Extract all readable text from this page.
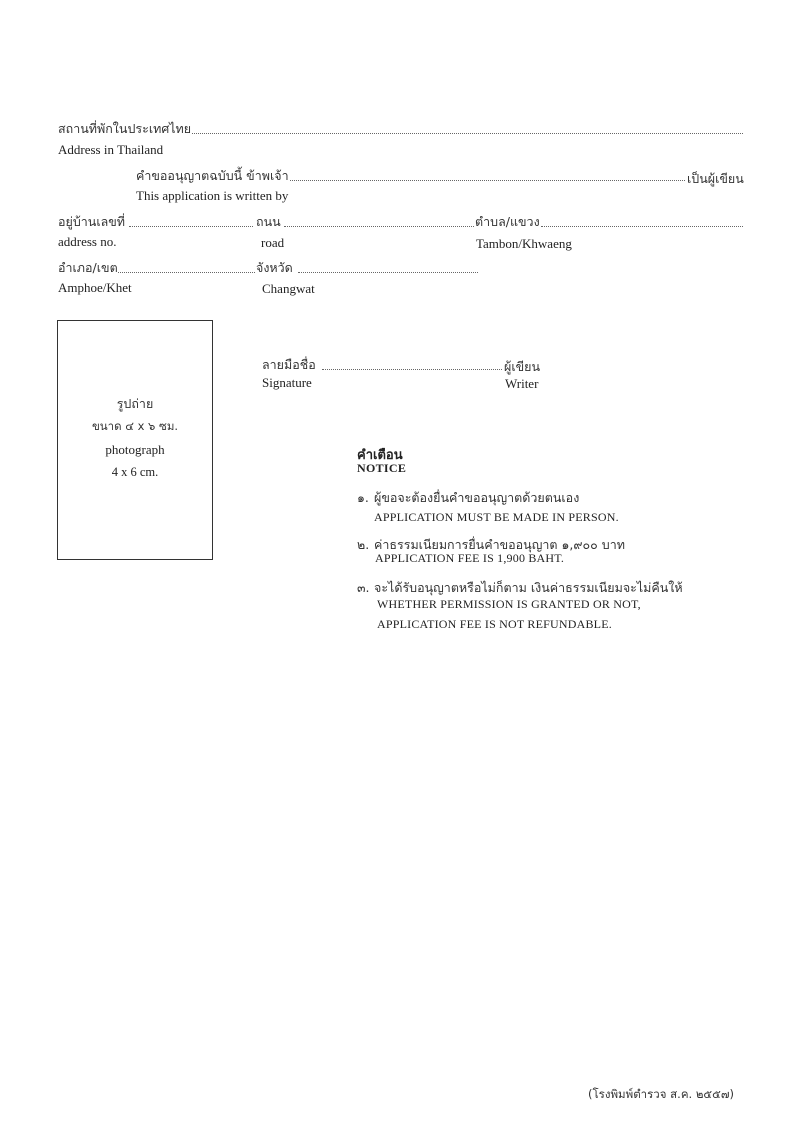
สถานที่พักในประเทศไทย
Address in Thailand
คำขออนุญาตฉบับนี้ ข้าพเจ้า	เป็นผู้เขียน
This application is written by
อยู่บ้านเลขที่
address no.
ถนน
road
ตำบล/แขวง
Tambon/Khwaeng
อำเภอ/เขต
Amphoe/Khet
จังหวัด
Changwat
รูปถ่าย
ขนาด ๔ x ๖ ซม.
photograph
4 x 6 cm.
ลายมือชื่อ	ผู้เขียน
Signature	Writer
คำเตือน
NOTICE
๑. ผู้ขอจะต้องยื่นคำขออนุญาตด้วยตนเอง
APPLICATION MUST BE MADE IN PERSON.
๒. ค่าธรรมเนียมการยื่นคำขออนุญาต ๑,๙๐๐ บาท
APPLICATION FEE IS 1,900 BAHT.
๓. จะได้รับอนุญาตหรือไม่ก็ตาม เงินค่าธรรมเนียมจะไม่คืนให้
WHETHER PERMISSION IS GRANTED OR NOT,
APPLICATION FEE IS NOT REFUNDABLE.
(โรงพิมพ์ตำรวจ ส.ค. ๒๕๕๗)
